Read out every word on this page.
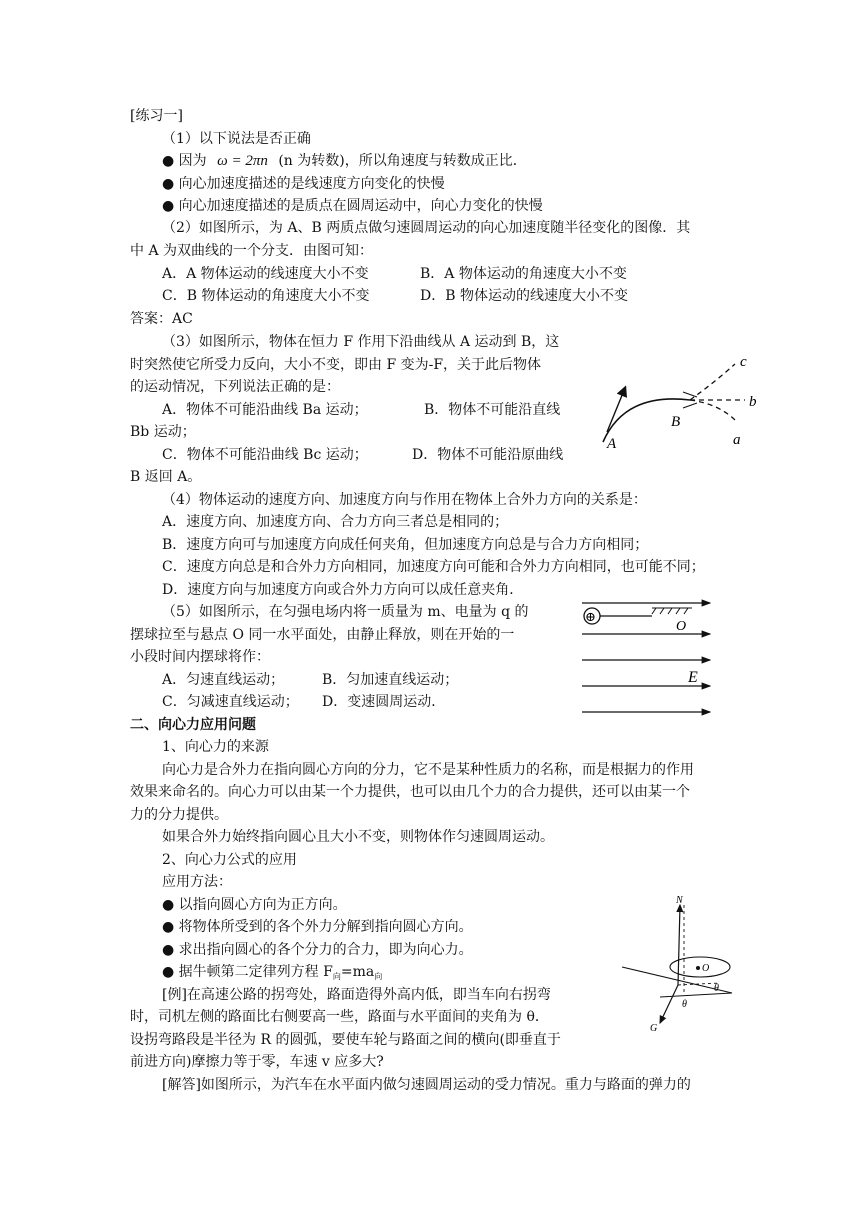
[练习一]
（1）以下说法是否正确
● 因为 ω = 2πn (n 为转数)，所以角速度与转数成正比．
● 向心加速度描述的是线速度方向变化的快慢
● 向心加速度描述的是质点在圆周运动中，向心力变化的快慢
（2）如图所示，为 A、B 两质点做匀速圆周运动的向心加速度随半径变化的图像．其
中 A 为双曲线的一个分支．由图可知：
A．A 物体运动的线速度大小不变	B．A 物体运动的角速度大小不变
C．B 物体运动的角速度大小不变	D．B 物体运动的线速度大小不变
答案：AC
（3）如图所示，物体在恒力 F 作用下沿曲线从 A 运动到 B，这
时突然使它所受力反向，大小不变，即由 F 变为-F，关于此后物体
的运动情况，下列说法正确的是：
A．物体不可能沿曲线 Ba 运动；	B．物体不可能沿直线
Bb 运动；
C．物体不可能沿曲线 Bc 运动；	D．物体不可能沿原曲线
B 返回 A。
（4）物体运动的速度方向、加速度方向与作用在物体上合外力方向的关系是：
A．速度方向、加速度方向、合力方向三者总是相同的；
B．速度方向可与加速度方向成任何夹角，但加速度方向总是与合力方向相同；
C．速度方向总是和合外力方向相同，加速度方向可能和合外力方向相同，也可能不同；
D．速度方向与加速度方向或合外力方向可以成任意夹角．
（5）如图所示，在匀强电场内将一质量为 m、电量为 q 的
摆球拉至与悬点 O 同一水平面处，由静止释放，则在开始的一
小段时间内摆球将作：
A．匀速直线运动；	B．匀加速直线运动；
C．匀减速直线运动； D．变速圆周运动．
二、向心力应用问题
1、向心力的来源
向心力是合外力在指向圆心方向的分力，它不是某种性质力的名称，而是根据力的作用
效果来命名的。向心力可以由某一个力提供，也可以由几个力的合力提供，还可以由某一个
力的分力提供。
如果合外力始终指向圆心且大小不变，则物体作匀速圆周运动。
2、向心力公式的应用
应用方法：
● 以指向圆心方向为正方向。
● 将物体所受到的各个外力分解到指向圆心方向。
● 求出指向圆心的各个分力的合力，即为向心力。
● 据牛顿第二定律列方程 $F_向=ma_向$
[例]在高速公路的拐弯处，路面造得外高内低，即当车向右拐弯
时，司机左侧的路面比右侧要高一些，路面与水平面间的夹角为 θ．
设拐弯路段是半径为 R 的圆弧，要使车轮与路面之间的横向(即垂直于
前进方向)摩擦力等于零，车速 v 应多大?
[解答]如图所示，为汽车在水平面内做匀速圆周运动的受力情况。重力与路面的弹力的
A
B
a
b
c
⊕
O
E
N
G
O
θ
θ
